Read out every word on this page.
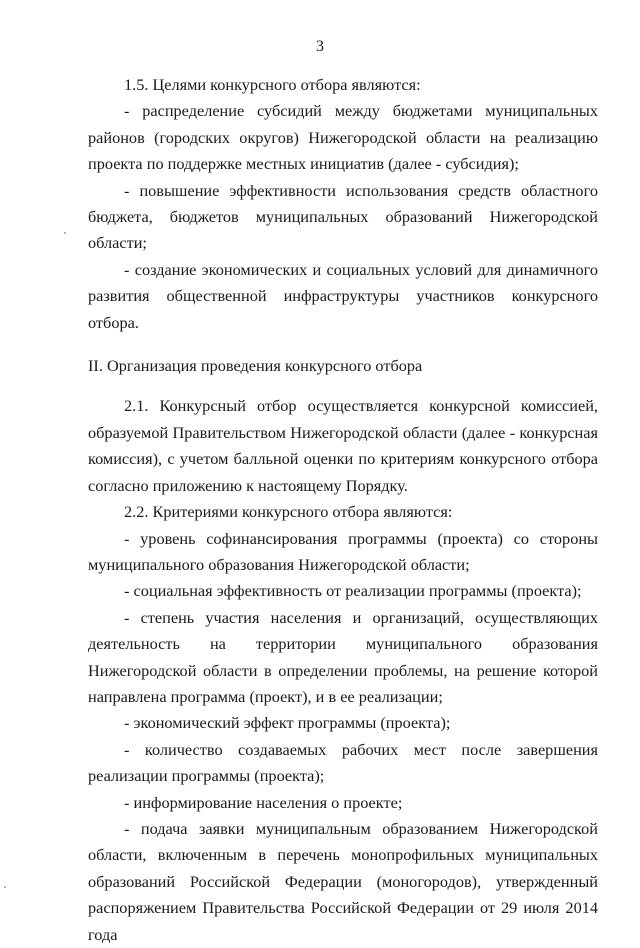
3

1.5. Целями конкурсного отбора являются:

- распределение субсидий между бюджетами муниципальных районов (городских округов) Нижегородской области на реализацию проекта по поддержке местных инициатив (далее - субсидия);

- повышение эффективности использования средств областного бюджета, бюджетов муниципальных образований Нижегородской области;

- создание экономических и социальных условий для динамичного развития общественной инфраструктуры участников конкурсного отбора.

II. Организация проведения конкурсного отбора

2.1. Конкурсный отбор осуществляется конкурсной комиссией, образуемой Правительством Нижегородской области (далее - конкурсная комиссия), с учетом балльной оценки по критериям конкурсного отбора согласно приложению к настоящему Порядку.

2.2. Критериями конкурсного отбора являются:

- уровень софинансирования программы (проекта) со стороны муниципального образования Нижегородской области;

- социальная эффективность от реализации программы (проекта);

- степень участия населения и организаций, осуществляющих деятельность на территории муниципального образования Нижегородской области в определении проблемы, на решение которой направлена программа (проект), и в ее реализации;

- экономический эффект программы (проекта);

- количество создаваемых рабочих мест после завершения реализации программы (проекта);

- информирование населения о проекте;

- подача заявки муниципальным образованием Нижегородской области, включенным в перечень монопрофильных муниципальных образований Российской Федерации (моногородов), утвержденный распоряжением Правительства Российской Федерации от 29 июля 2014 года
